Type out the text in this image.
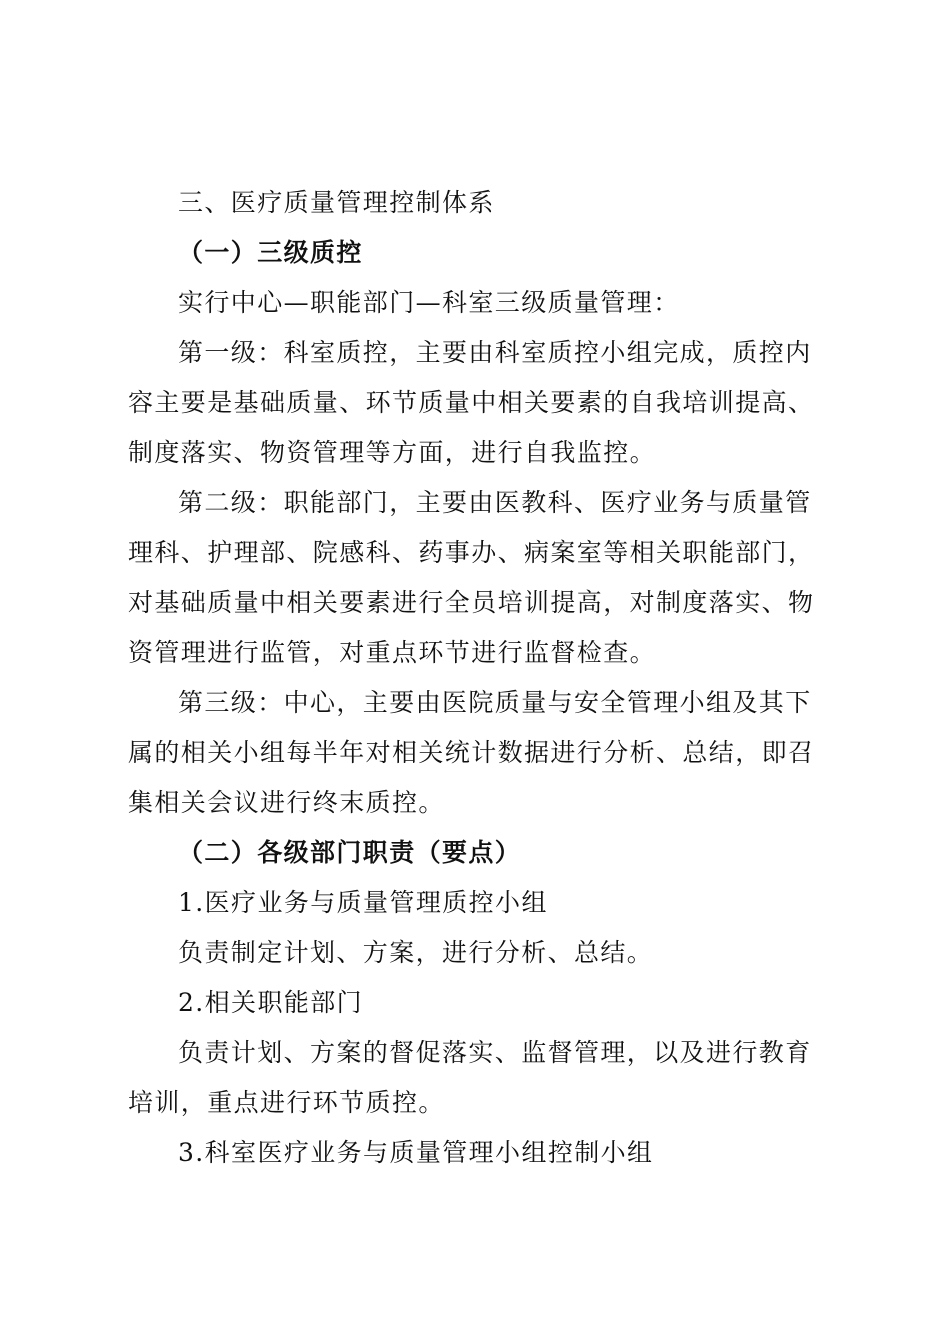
三、医疗质量管理控制体系

（一）三级质控

实行中心—职能部门—科室三级质量管理：

第一级：科室质控，主要由科室质控小组完成，质控内容主要是基础质量、环节质量中相关要素的自我培训提高、制度落实、物资管理等方面，进行自我监控。

第二级：职能部门，主要由医教科、医疗业务与质量管理科、护理部、院感科、药事办、病案室等相关职能部门，对基础质量中相关要素进行全员培训提高，对制度落实、物资管理进行监管，对重点环节进行监督检查。

第三级：中心，主要由医院质量与安全管理小组及其下属的相关小组每半年对相关统计数据进行分析、总结，即召集相关会议进行终末质控。

（二）各级部门职责（要点）

1.医疗业务与质量管理质控小组

负责制定计划、方案，进行分析、总结。

2.相关职能部门

负责计划、方案的督促落实、监督管理，以及进行教育培训，重点进行环节质控。

3.科室医疗业务与质量管理小组控制小组
